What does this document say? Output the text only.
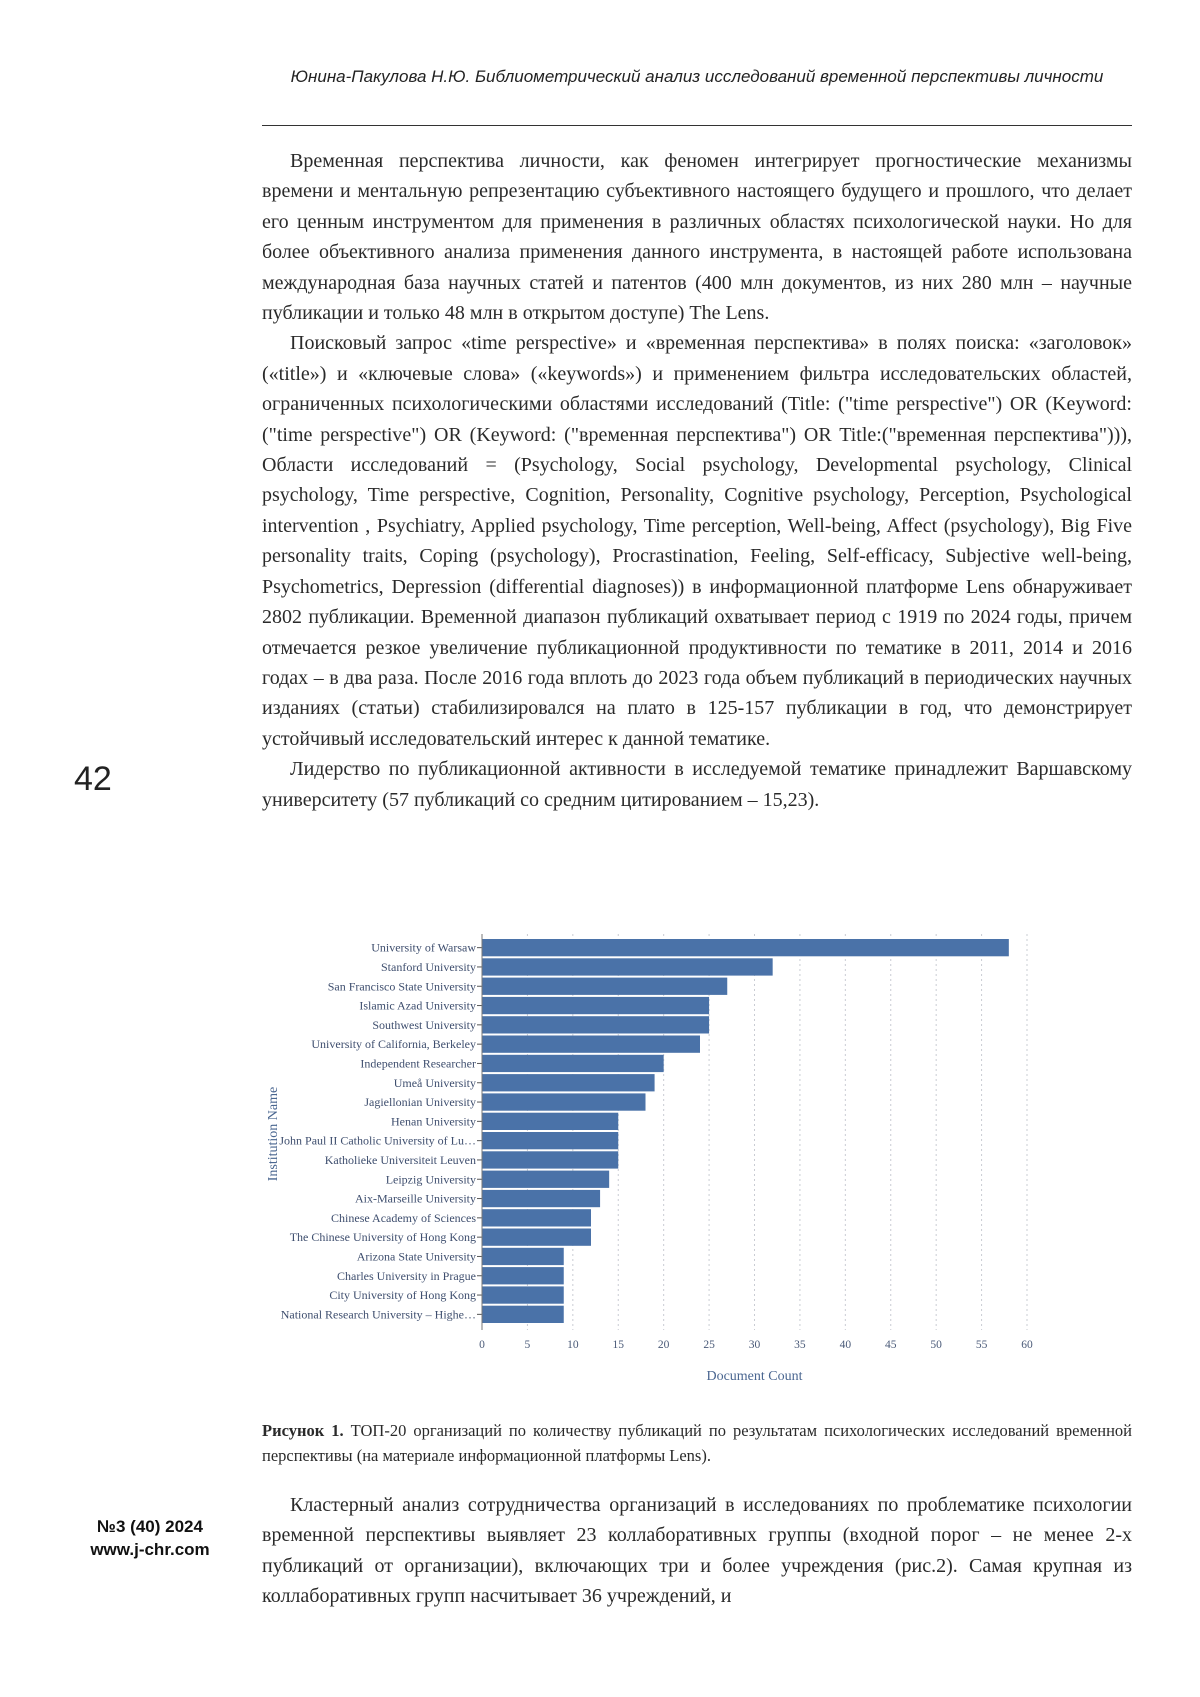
Юнина-Пакулова Н.Ю. Библиометрический анализ исследований временной перспективы личности
42

Временная перспектива личности, как феномен интегрирует прогностические механизмы времени и ментальную репрезентацию субъективного настоящего будущего и прошлого, что делает его ценным инструментом для применения в различных областях психологической науки. Но для более объективного анализа применения данного инструмента, в настоящей работе использована международная база научных статей и патентов (400 млн документов, из них 280 млн – научные публикации и только 48 млн в открытом доступе) The Lens.

Поисковый запрос «time perspective» и «временная перспектива» в полях поиска: «заголовок» («title») и «ключевые слова» («keywords») и применением фильтра исследовательских областей, ограниченных психологическими областями исследований (Title: ("time perspective") OR (Keyword: ("time perspective") OR (Keyword: ("временная перспектива") OR Title:("временная перспектива"))), Области исследований = (Psychology, Social psychology, Developmental psychology, Clinical psychology, Time perspective, Cognition, Personality, Cognitive psychology, Perception, Psychological intervention , Psychiatry, Applied psychology, Time perception, Well-being, Affect (psychology), Big Five personality traits, Coping (psychology), Procrastination, Feeling, Self-efficacy, Subjective well-being, Psychometrics, Depression (differential diagnoses)) в информационной платформе Lens обнаруживает 2802 публикации. Временной диапазон публикаций охватывает период с 1919 по 2024 годы, причем отмечается резкое увеличение публикационной продуктивности по тематике в 2011, 2014 и 2016 годах – в два раза. После 2016 года вплоть до 2023 года объем публикаций в периодических научных изданиях (статьи) стабилизировался на плато в 125-157 публикации в год, что демонстрирует устойчивый исследовательский интерес к данной тематике.

Лидерство по публикационной активности в исследуемой тематике принадлежит Варшавскому университету (57 публикаций со средним цитированием – 15,23).

University of Warsaw
Stanford University
San Francisco State University
Islamic Azad University
Southwest University
University of California, Berkeley
Independent Researcher
Umeå University
Jagiellonian University
Henan University
John Paul II Catholic University of Lu…
Katholieke Universiteit Leuven
Leipzig University
Aix-Marseille University
Chinese Academy of Sciences
The Chinese University of Hong Kong
Arizona State University
Charles University in Prague
City University of Hong Kong
National Research University – Highe…
0	5	10	15	20	25	30	35	40	45	50	55	60
Document Count
Institution Name
Рисунок 1. ТОП-20 организаций по количеству публикаций по результатам психологических исследований временной перспективы (на материале информационной платформы Lens).

Кластерный анализ сотрудничества организаций в исследованиях по проблематике психологии временной перспективы выявляет 23 коллаборативных группы (входной порог – не менее 2-х публикаций от организации), включающих три и более учреждения (рис.2). Самая крупная из коллаборативных групп насчитывает 36 учреждений, и

№3 (40) 2024
www.j-chr.com
